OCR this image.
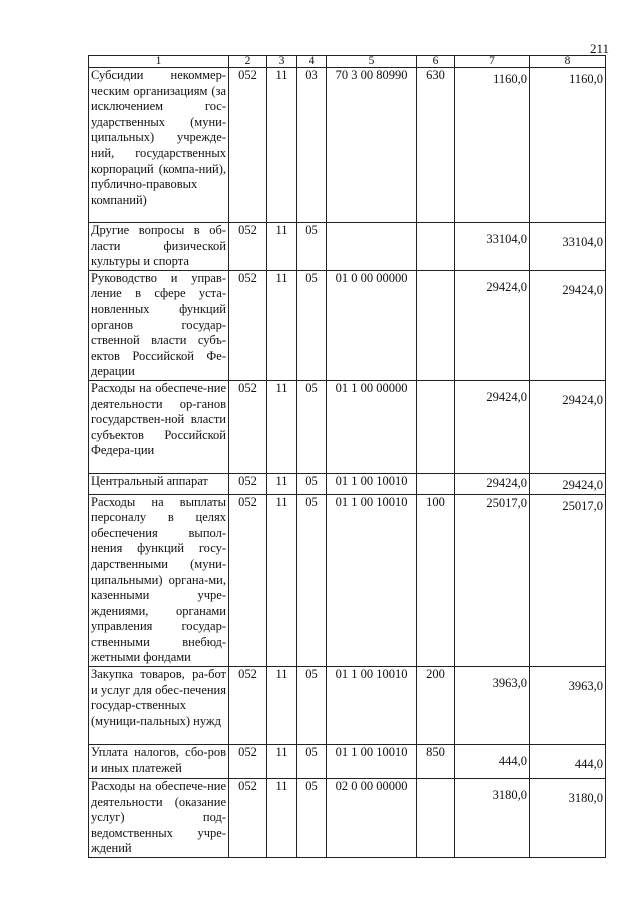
211
1	2	3	4	5	6	7	8
Субсидии некоммер-ческим организациям (за исключением гос-ударственных (муни-ципальных) учрежде-ний, государственных корпораций (компа-ний), публично-правовых компаний)	052	11	03	70 3 00 80990	630	1160,0	1160,0
Другие вопросы в об-ласти физической культуры и спорта	052	11	05			33104,0	33104,0
Руководство и управ-ление в сфере уста-новленных функций органов государ-ственной власти субъ-ектов Российской Фе-дерации	052	11	05	01 0 00 00000		29424,0	29424,0
Расходы на обеспече-ние деятельности ор-ганов государствен-ной власти субъектов Российской Федера-ции	052	11	05	01 1 00 00000		29424,0	29424,0
Центральный аппарат	052	11	05	01 1 00 10010		29424,0	29424,0
Расходы на выплаты персоналу в целях обеспечения выпол-нения функций госу-дарственными (муни-ципальными) органа-ми, казенными учре-ждениями, органами управления государ-ственными внебюд-жетными фондами	052	11	05	01 1 00 10010	100	25017,0	25017,0
Закупка товаров, ра-бот и услуг для обес-печения государ-ственных (муници-пальных) нужд	052	11	05	01 1 00 10010	200	3963,0	3963,0
Уплата налогов, сбо-ров и иных платежей	052	11	05	01 1 00 10010	850	444,0	444,0
Расходы на обеспече-ние деятельности (оказание услуг) под-ведомственных учре-ждений	052	11	05	02 0 00 00000		3180,0	3180,0
